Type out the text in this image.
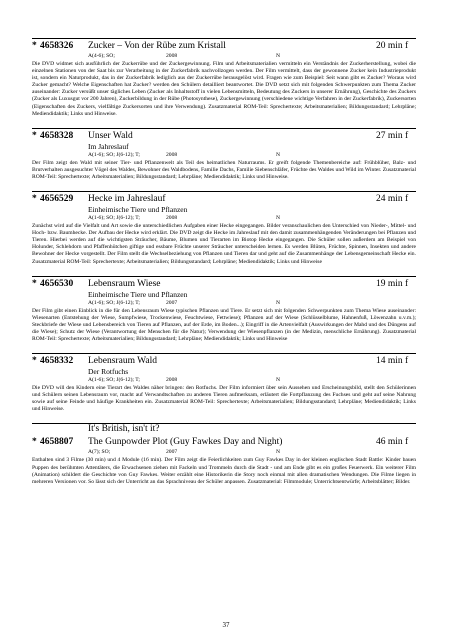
* 4658326	Zucker – Von der Rübe zum Kristall	20 min f
A(4-6); SO;	2008	N
Die DVD widmet sich ausführlich der Zuckerrübe und der Zuckergewinnung. Film und Arbeitsmaterialien vermitteln ein Verständnis der Zuckerherstellung, wobei die einzelnen Stationen von der Saat bis zur Verarbeitung in der Zuckerfabrik nachvollzogen werden. Der Film vermittelt, dass der gewonnene Zucker kein Industrieprodukt ist, sondern ein Naturprodukt, das in der Zuckerfabrik lediglich aus der Zuckerrübe herausgelöst wird. Fragen wie zum Beispiel: Seit wann gibt es Zucker? Woraus wird Zucker gemacht? Welche Eigenschaften hat Zucker? werden den Schülern detailliert beantwortet. Die DVD setzt sich mit folgenden Schwerpunkten zum Thema Zucker auseinander: Zucker versüßt unser tägliches Leben (Zucker als Inhaltsstoff in vielen Lebensmitteln, Bedeutung des Zuckers in unserer Ernährung), Geschichte des Zuckers (Zucker als Luxusgut vor 200 Jahren), Zuckerbildung in der Rübe (Photosynthese), Zuckergewinnung (verschiedene wichtige Verfahren in der Zuckerfabrik), Zuckersorten (Eigenschaften des Zuckers, vielfältige Zuckersorten und ihre Verwendung). Zusatzmaterial ROM-Teil: Sprechertexte; Arbeitsmaterialien; Bildungsstandard; Lehrpläne; Mediendidaktik; Links und Hinweise.
* 4658328	Unser Wald	27 min f
Im Jahreslauf
A(1-6); SO; J(6-12); T;	2008	N
Der Film zeigt den Wald mit seiner Tier- und Pflanzenwelt als Teil des heimatlichen Naturraums. Er greift folgende Themenbereiche auf: Frühblüher, Balz- und Brutverhalten ausgesuchter Vögel des Waldes, Bewohner des Waldbodens, Familie Dachs, Familie Siebenschläfer, Früchte des Waldes und Wild im Winter. Zusatzmaterial ROM-Teil: Sprechertexte; Arbeitsmaterialien; Bildungsstandard; Lehrpläne; Mediendidaktik; Links und Hinweise.
* 4656529	Hecke im Jahreslauf	24 min f
Einheimische Tiere und Pflanzen
A(1-6); SO; J(6-12); T;	2008	N
Zunächst wird auf die Vielfalt und Art sowie die unterschiedlichen Aufgaben einer Hecke eingegangen. Bilder veranschaulichen den Unterschied von Nieder-, Mittel- und Hoch- bzw. Baumhecke. Der Aufbau der Hecke wird erklärt. Die DVD zeigt die Hecke im Jahreslauf mit den damit zusammenhängenden Veränderungen bei Pflanzen und Tieren. Hierbei werden auf die wichtigsten Sträucher, Bäume, Blumen und Tierarten im Biotop Hecke eingegangen. Die Schüler sollen außerdem am Beispiel von Holunder, Schlehdorn und Pfaffenhütchen giftige und essbare Früchte unserer Sträucher unterscheiden lernen. Es werden Blüten, Früchte, Spinnen, Insekten und andere Bewohner der Hecke vorgestellt. Der Film stellt die Wechselbeziehung von Pflanzen und Tieren dar und geht auf die Zusammenhänge der Lebensgemeinschaft Hecke ein. Zusatzmaterial ROM-Teil: Sprechertexte; Arbeitsmaterialien; Bildungsstandard; Lehrpläne; Mediendidaktik; Links und Hinweise
* 4656530	Lebensraum Wiese	19 min f
Einheimische Tiere und Pflanzen
A(1-6); SO; J(6-12); T;	2007	N
Der Film gibt einen Einblick in die für den Lebensraum Wiese typischen Pflanzen und Tiere. Er setzt sich mit folgenden Schwerpunkten zum Thema Wiese auseinander: Wiesenarten (Entstehung der Wiese, Sumpfwiese, Trockenwiese, Feuchtwiese, Fettwiese); Pflanzen auf der Wiese (Schlüsselblume, Hahnenfuß, Löwenzahn u.v.m.); Steckbriefe der Wiese und Lebensbereich von Tieren auf Pflanzen, auf der Erde, im Boden...); Eingriff in die Artenvielfalt (Auswirkungen der Mahd und des Düngens auf die Wiese); Schutz der Wiese (Verantwortung der Menschen für die Natur); Verwendung der Wiesenpflanzen (in der Medizin, menschliche Ernährung). Zusatzmaterial ROM-Teil: Sprechertexte; Arbeitsmaterialien; Bildungsstandard; Lehrpläne; Mediendidaktik; Links und Hinweise
* 4658332	Lebensraum Wald	14 min f
Der Rotfuchs
A(1-6); SO; J(6-12); T;	2008	N
Die DVD will den Kindern eine Tierart des Waldes näher bringen: den Rotfuchs. Der Film informiert über sein Aussehen und Erscheinungsbild, stellt den Schülerinnen und Schülern seinen Lebensraum vor, macht auf Verwandtschaften zu anderen Tieren aufmerksam, erläutert die Fortpflanzung des Fuchses und geht auf seine Nahrung sowie auf seine Feinde und häufige Krankheiten ein. Zusatzmaterial ROM-Teil: Sprechertexte; Arbeitsmaterialien; Bildungsstandard; Lehrpläne; Mediendidaktik; Links und Hinweise.
It's British, isn't it?
* 4658807	The Gunpowder Plot (Guy Fawkes Day and Night)	46 min f
A(7); SO;	2007	N
Enthalten sind 3 Filme (30 min) und 4 Module (16 min). Der Film zeigt die Feierlichkeiten zum Guy Fawkes Day in der kleinen englischen Stadt Battle: Kinder bauen Puppen des berühmten Attentäters, die Erwachsenen ziehen mit Fackeln und Trommeln durch die Stadt - und am Ende gibt es ein großes Feuerwerk. Ein weiterer Film (Animation) schildert die Geschichte von Guy Fawkes. Weiter erzählt eine Historikerin die Story noch einmal mit allen dramatischen Wendungen. Die Filme liegen in mehreren Versionen vor. So lässt sich der Unterricht an das Sprachniveau der Schüler anpassen. Zusatzmaterial: Filmmodule; Unterrichtsentwürfe; Arbeitsblätter; Bilder.
37
